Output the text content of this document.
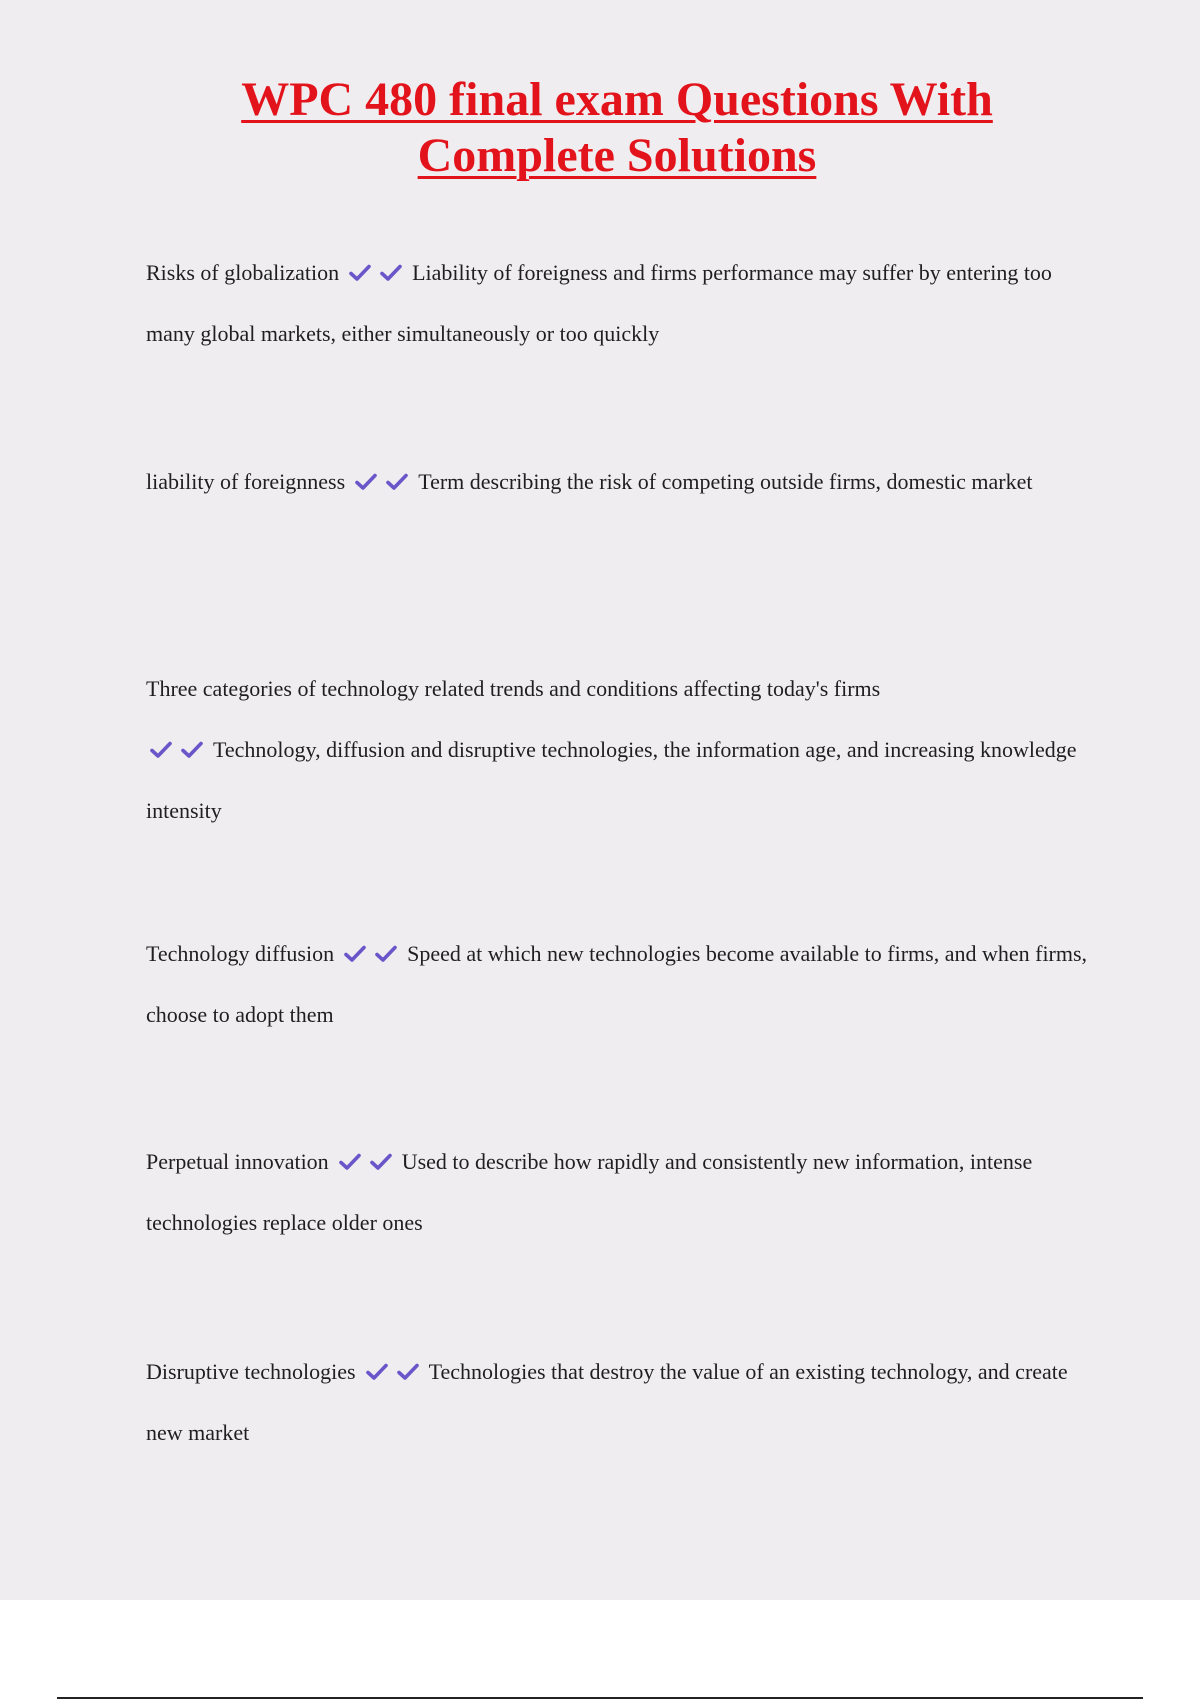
WPC 480 final exam Questions With
Complete Solutions

Risks of globalization	Liability of foreigness and firms performance may suffer by entering too many global markets, either simultaneously or too quickly

liability of foreignness	Term describing the risk of competing outside firms, domestic market

Three categories of technology related trends and conditions affecting today's firms

Technology, diffusion and disruptive technologies, the information age, and increasing knowledge intensity

Technology diffusion	Speed at which new technologies become available to firms, and when firms, choose to adopt them

Perpetual innovation	Used to describe how rapidly and consistently new information, intense technologies replace older ones

Disruptive technologies	Technologies that destroy the value of an existing technology, and create new market
